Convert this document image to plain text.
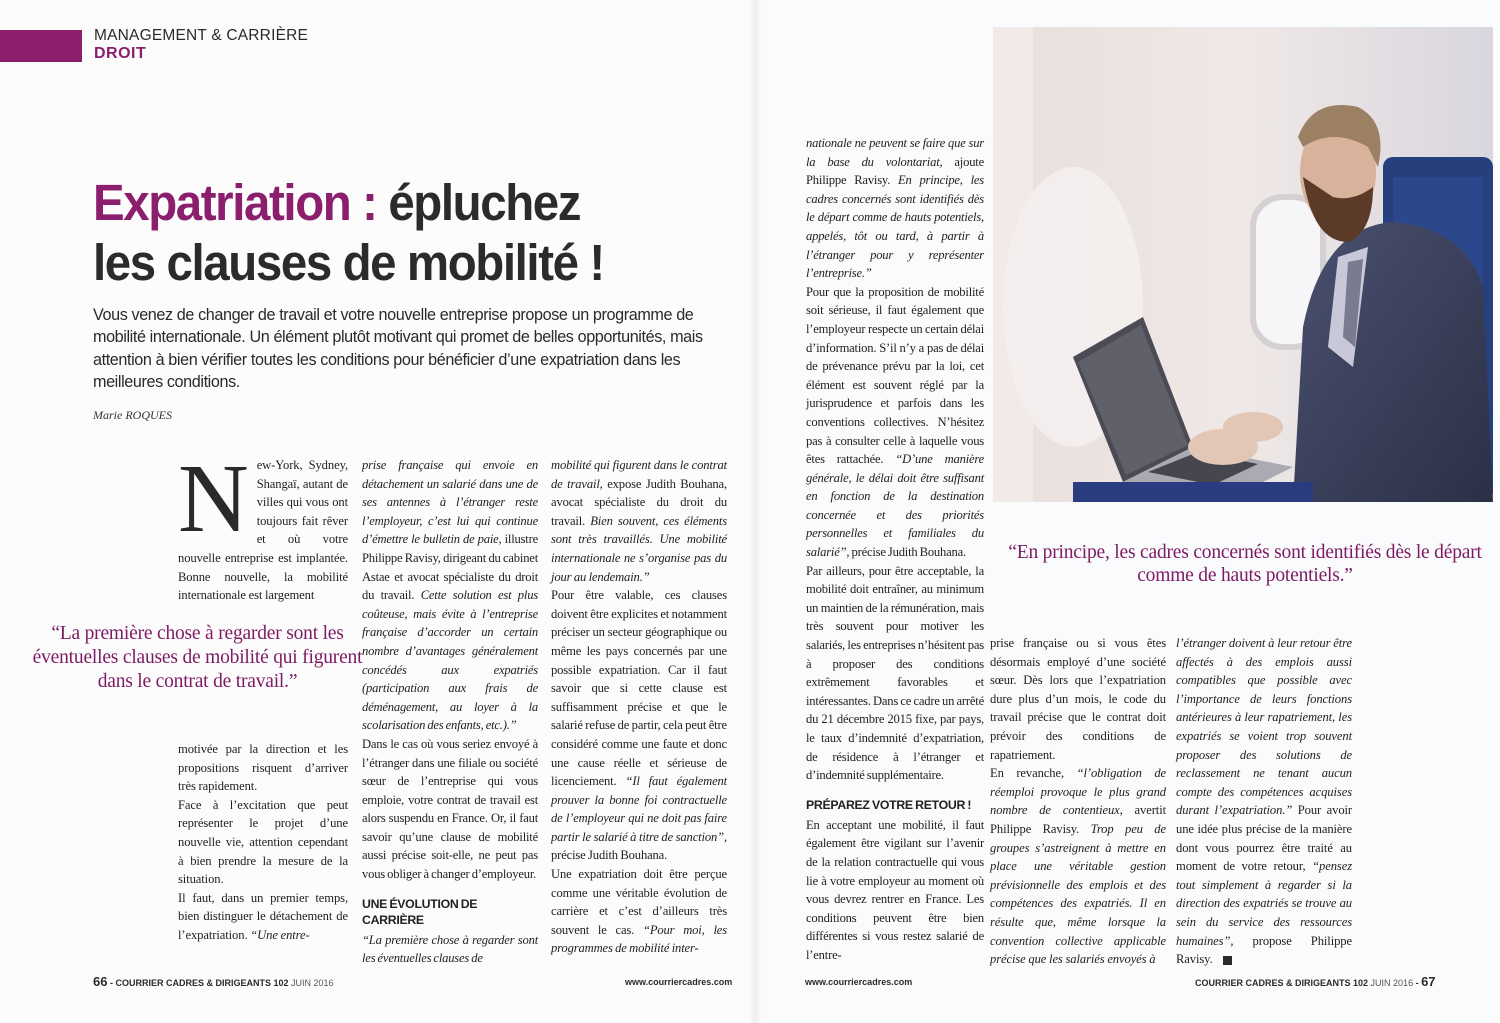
MANAGEMENT & CARRIÈRE
DROIT
Expatriation : épluchez
les clauses de mobilité !
Vous venez de changer de travail et votre nouvelle entreprise propose un programme de mobilité internationale. Un élément plutôt motivant qui promet de belles opportunités, mais attention à bien vérifier toutes les conditions pour bénéficier d’une expatriation dans les meilleures conditions.
Marie ROQUES
N ew-York, Sydney, Shangaï, autant de villes qui vous ont toujours fait rêver et où votre nouvelle entreprise est implantée. Bonne nouvelle, la mobilité internationale est largement

“La première chose à regarder sont les éventuelles clauses de mobilité qui figurent dans le contrat de travail.”

motivée par la direction et les propositions risquent d’arriver très rapidement.

Face à l’excitation que peut représenter le projet d’une nouvelle vie, attention cependant à bien prendre la mesure de la situation.

Il faut, dans un premier temps, bien distinguer le détachement de l’expatriation. “Une entre-

prise française qui envoie en détachement un salarié dans une de ses antennes à l’étranger reste l’employeur, c’est lui qui continue d’émettre le bulletin de paie, illustre Philippe Ravisy, dirigeant du cabinet Astae et avocat spécialiste du droit du travail. Cette solution est plus coûteuse, mais évite à l’entreprise française d’accorder un certain nombre d’avantages généralement concédés aux expatriés (participation aux frais de déménagement, au loyer à la scolarisation des enfants, etc.).”

Dans le cas où vous seriez envoyé à l’étranger dans une filiale ou société sœur de l’entreprise qui vous emploie, votre contrat de travail est alors suspendu en France. Or, il faut savoir qu’une clause de mobilité aussi précise soit-elle, ne peut pas vous obliger à changer d’employeur.

UNE ÉVOLUTION DE CARRIÈRE

“La première chose à regarder sont les éventuelles clauses de

mobilité qui figurent dans le contrat de travail, expose Judith Bouhana, avocat spécialiste du droit du travail. Bien souvent, ces éléments sont très travaillés. Une mobilité internationale ne s’organise pas du jour au lendemain.”

Pour être valable, ces clauses doivent être explicites et notamment préciser un secteur géographique ou même les pays concernés par une possible expatriation. Car il faut savoir que si cette clause est suffisamment précise et que le salarié refuse de partir, cela peut être considéré comme une faute et donc une cause réelle et sérieuse de licenciement. “Il faut également prouver la bonne foi contractuelle de l’employeur qui ne doit pas faire partir le salarié à titre de sanction”, précise Judith Bouhana.

Une expatriation doit être perçue comme une véritable évolution de carrière et c’est d’ailleurs très souvent le cas. “Pour moi, les programmes de mobilité inter-

nationale ne peuvent se faire que sur la base du volontariat, ajoute Philippe Ravisy. En principe, les cadres concernés sont identifiés dès le départ comme de hauts potentiels, appelés, tôt ou tard, à partir à l’étranger pour y représenter l’entreprise.”

Pour que la proposition de mobilité soit sérieuse, il faut également que l’employeur respecte un certain délai d’information. S’il n’y a pas de délai de prévenance prévu par la loi, cet élément est souvent réglé par la jurisprudence et parfois dans les conventions collectives. N’hésitez pas à consulter celle à laquelle vous êtes rattachée. “D’une manière générale, le délai doit être suffisant en fonction de la destination concernée et des priorités personnelles et familiales du salarié”, précise Judith Bouhana.

Par ailleurs, pour être acceptable, la mobilité doit entraîner, au minimum un maintien de la rémunération, mais très souvent pour motiver les salariés, les entreprises n’hésitent pas à proposer des conditions extrêmement favorables et intéressantes. Dans ce cadre un arrêté du 21 décembre 2015 fixe, par pays, le taux d’indemnité d’expatriation, de résidence à l’étranger et d’indemnité supplémentaire.

PRÉPAREZ VOTRE RETOUR !

En acceptant une mobilité, il faut également être vigilant sur l’avenir de la relation contractuelle qui vous lie à votre employeur au moment où vous devrez rentrer en France. Les conditions peuvent être bien différentes si vous restez salarié de l’entre-

“En principe, les cadres concernés sont identifiés dès le départ comme de hauts potentiels.”

prise française ou si vous êtes désormais employé d’une société sœur. Dès lors que l’expatriation dure plus d’un mois, le code du travail précise que le contrat doit prévoir des conditions de rapatriement.

En revanche, “l’obligation de réemploi provoque le plus grand nombre de contentieux, avertit Philippe Ravisy. Trop peu de groupes s’astreignent à mettre en place une véritable gestion prévisionnelle des emplois et des compétences des expatriés. Il en résulte que, même lorsque la convention collective applicable précise que les salariés envoyés à

l’étranger doivent à leur retour être affectés à des emplois aussi compatibles que possible avec l’importance de leurs fonctions antérieures à leur rapatriement, les expatriés se voient trop souvent proposer des solutions de reclassement ne tenant aucun compte des compétences acquises durant l’expatriation.” Pour avoir une idée plus précise de la manière dont vous pourrez être traité au moment de votre retour, “pensez tout simplement à regarder si la direction des expatriés se trouve au sein du service des ressources humaines”, propose Philippe Ravisy.

66 - COURRIER CADRES & DIRIGEANTS 102 JUIN 2016	www.courriercadres.com	www.courriercadres.com	COURRIER CADRES & DIRIGEANTS 102 JUIN 2016 - 67
